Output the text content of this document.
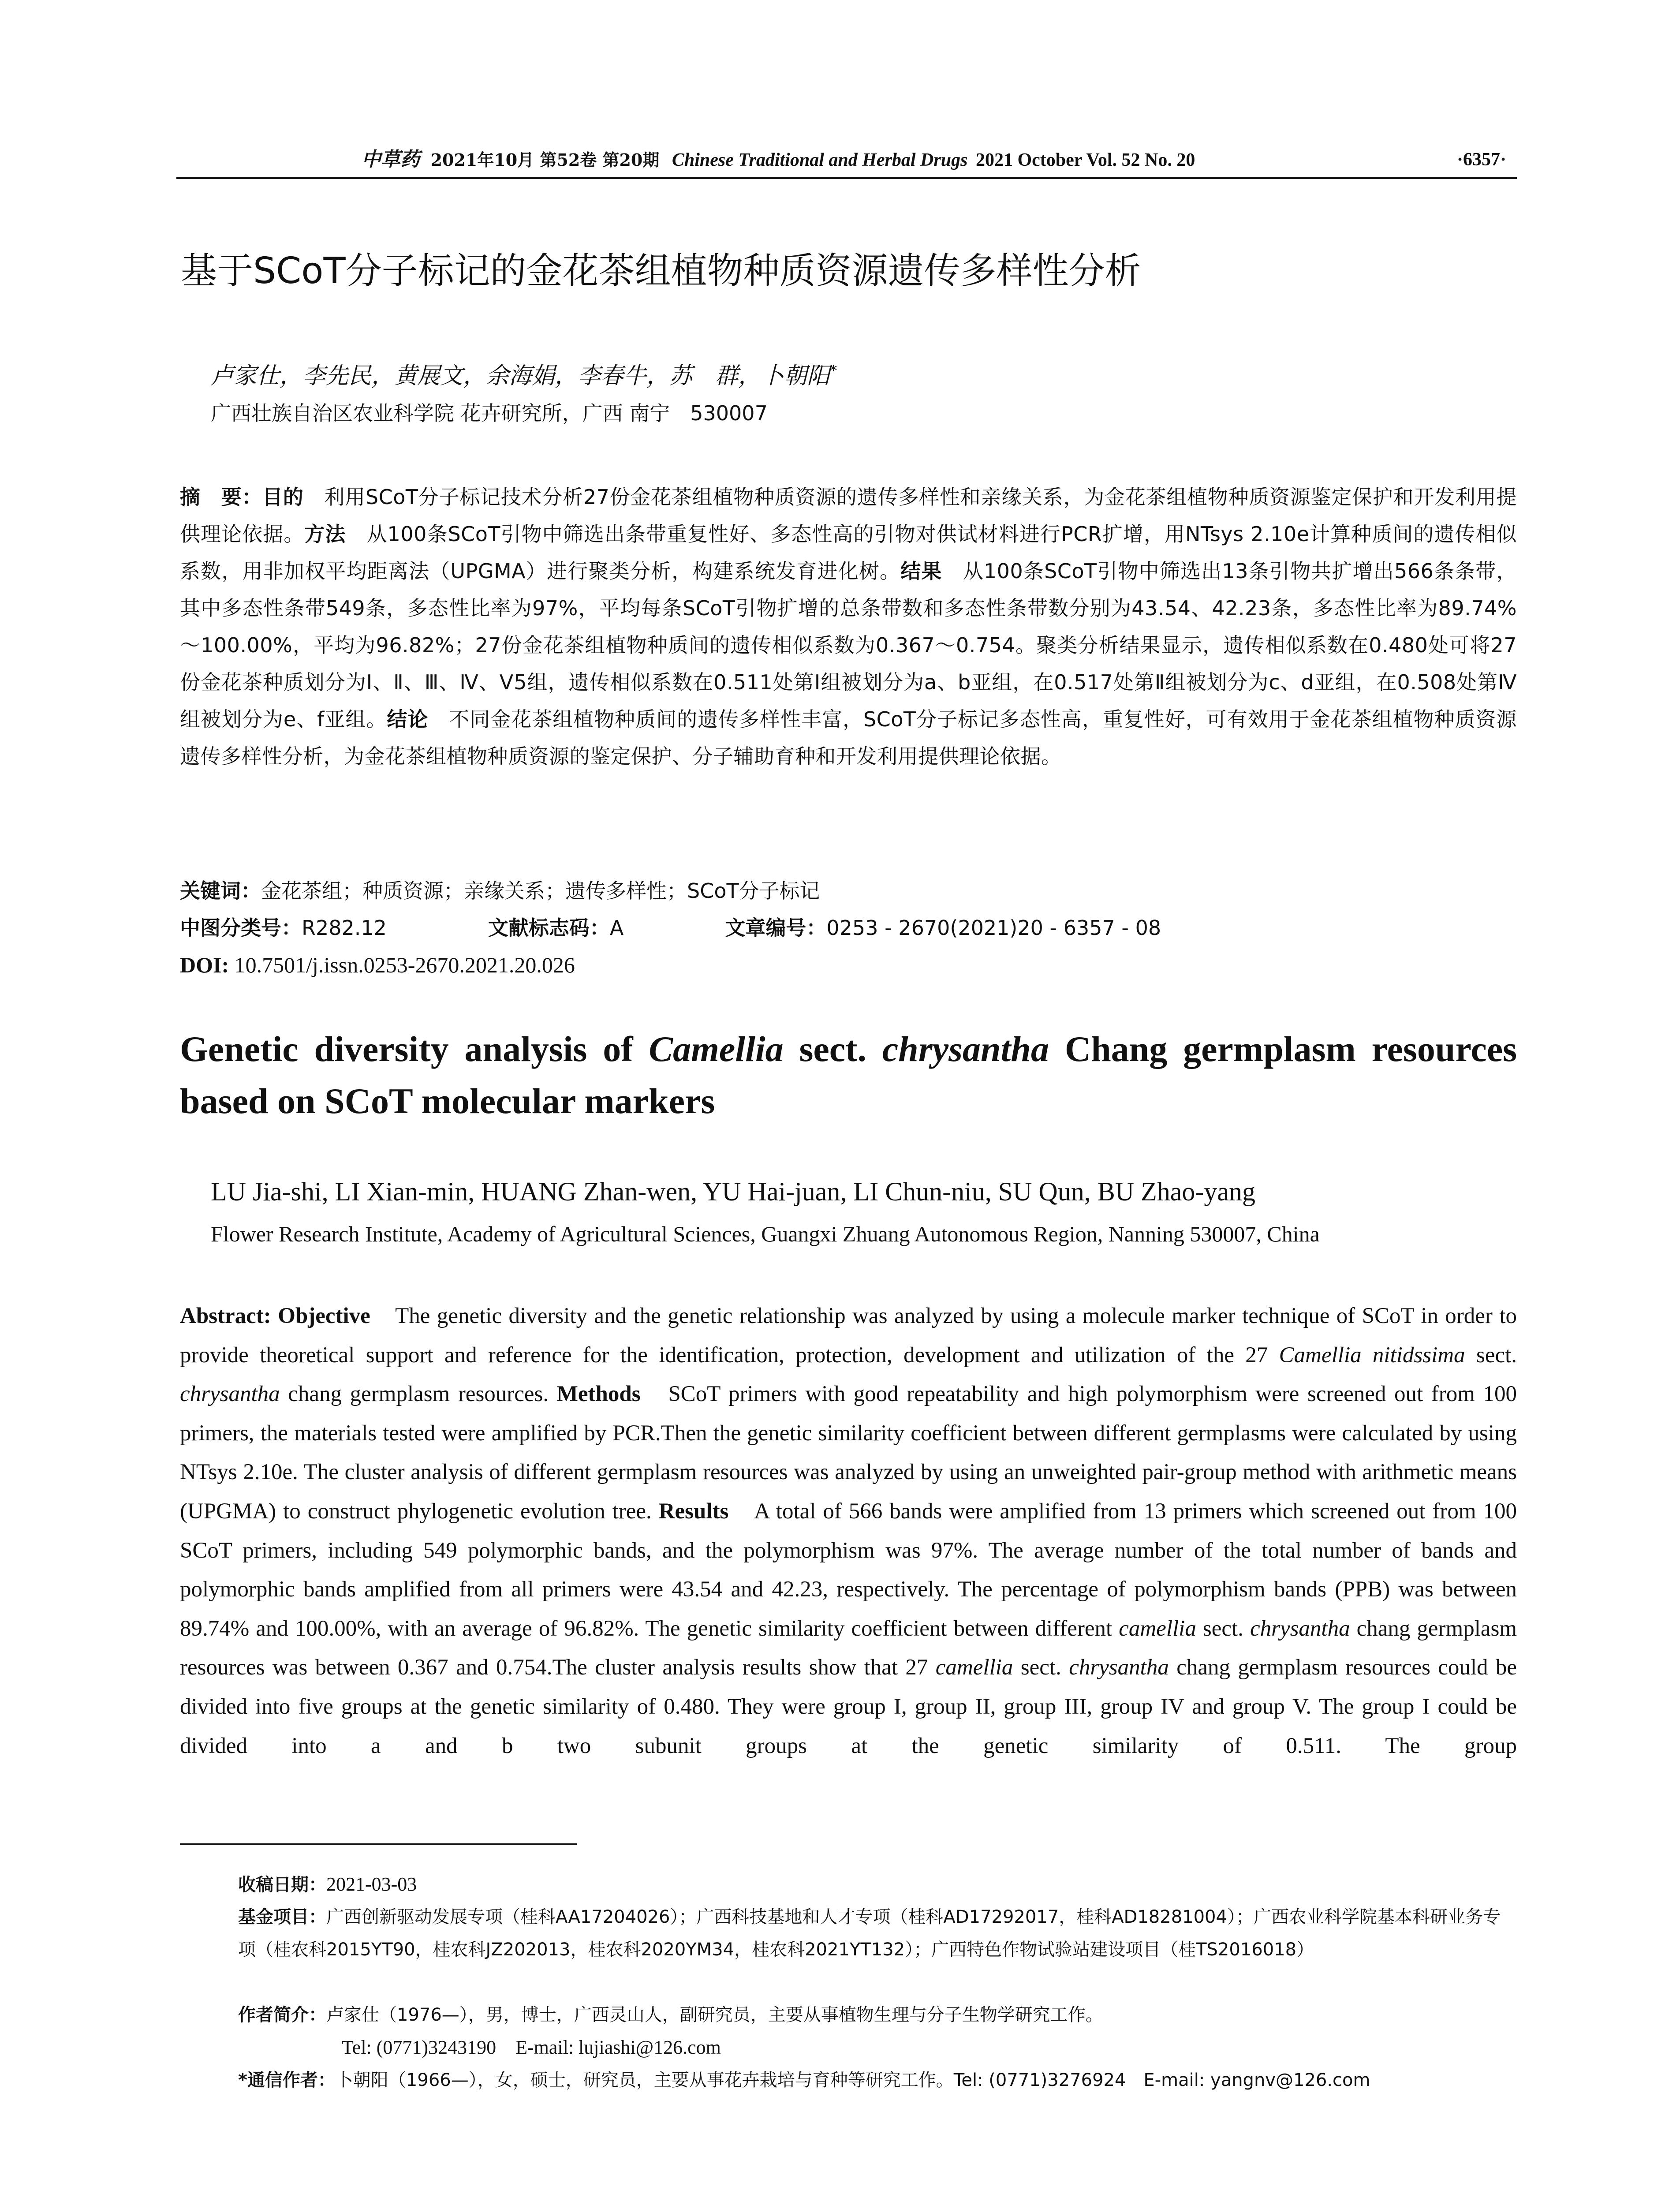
中草药 2021年10月 第52卷 第20期 Chinese Traditional and Herbal Drugs 2021 October Vol. 52 No. 20	·6357·
基于SCoT分子标记的金花茶组植物种质资源遗传多样性分析
卢家仕，李先民，黄展文，余海娟，李春牛，苏　群，卜朝阳*
广西壮族自治区农业科学院 花卉研究所，广西 南宁　530007
摘　要：目的　 利用SCoT分子标记技术分析27份金花茶组植物种质资源的遗传多样性和亲缘关系，为金花茶组植物种质资源鉴定保护和开发利用提供理论依据。方法　 从100条SCoT引物中筛选出条带重复性好、多态性高的引物对供试材料进行PCR扩增，用NTsys 2.10e计算种质间的遗传相似系数，用非加权平均距离法（UPGMA）进行聚类分析，构建系统发育进化树。结果　 从100条SCoT引物中筛选出13条引物共扩增出566条条带，其中多态性条带549条，多态性比率为97%，平均每条SCoT引物扩增的总条带数和多态性条带数分别为43.54、42.23条，多态性比率为89.74%～100.00%，平均为96.82%；27份金花茶组植物种质间的遗传相似系数为0.367～0.754。聚类分析结果显示，遗传相似系数在0.480处可将27份金花茶种质划分为Ⅰ、Ⅱ、Ⅲ、Ⅳ、Ⅴ5组，遗传相似系数在0.511处第Ⅰ组被划分为a、b亚组，在0.517处第Ⅱ组被划分为c、d亚组，在0.508处第Ⅳ组被划分为e、f亚组。结论　 不同金花茶组植物种质间的遗传多样性丰富，SCoT分子标记多态性高，重复性好，可有效用于金花茶组植物种质资源遗传多样性分析，为金花茶组植物种质资源的鉴定保护、分子辅助育种和开发利用提供理论依据。
关键词：金花茶组；种质资源；亲缘关系；遗传多样性；SCoT分子标记
中图分类号：R282.12	文献标志码：A	文章编号：0253 - 2670(2021)20 - 6357 - 08
DOI: 10.7501/j.issn.0253-2670.2021.20.026
Genetic diversity analysis of Camellia sect. chrysantha Chang germplasm resources based on SCoT molecular markers
LU Jia-shi, LI Xian-min, HUANG Zhan-wen, YU Hai-juan, LI Chun-niu, SU Qun, BU Zhao-yang
Flower Research Institute, Academy of Agricultural Sciences, Guangxi Zhuang Autonomous Region, Nanning 530007, China
Abstract: Objective　 The genetic diversity and the genetic relationship was analyzed by using a molecule marker technique of SCoT in order to provide theoretical support and reference for the identification, protection, development and utilization of the 27 Camellia nitidssima sect. chrysantha chang germplasm resources. Methods　 SCoT primers with good repeatability and high polymorphism were screened out from 100 primers, the materials tested were amplified by PCR.Then the genetic similarity coefficient between different germplasms were calculated by using NTsys 2.10e. The cluster analysis of different germplasm resources was analyzed by using an unweighted pair-group method with arithmetic means (UPGMA) to construct phylogenetic evolution tree. Results　 A total of 566 bands were amplified from 13 primers which screened out from 100 SCoT primers, including 549 polymorphic bands, and the polymorphism was 97%. The average number of the total number of bands and polymorphic bands amplified from all primers were 43.54 and 42.23, respectively. The percentage of polymorphism bands (PPB) was between 89.74% and 100.00%, with an average of 96.82%. The genetic similarity coefficient between different camellia sect. chrysantha chang germplasm resources was between 0.367 and 0.754.The cluster analysis results show that 27 camellia sect. chrysantha chang germplasm resources could be divided into five groups at the genetic similarity of 0.480. They were group I, group II, group III, group IV and group V. The group I could be divided into a and b two subunit groups at the genetic similarity of 0.511. The group
收稿日期：2021-03-03
基金项目：广西创新驱动发展专项（桂科AA17204026）；广西科技基地和人才专项（桂科AD17292017，桂科AD18281004）；广西农业科学院基本科研业务专项（桂农科2015YT90，桂农科JZ202013，桂农科2020YM34，桂农科2021YT132）；广西特色作物试验站建设项目（桂TS2016018）
作者简介：卢家仕（1976—），男，博士，广西灵山人，副研究员，主要从事植物生理与分子生物学研究工作。
Tel: (0771)3243190　E-mail: lujiashi@126.com
*通信作者：卜朝阳（1966—），女，硕士，研究员，主要从事花卉栽培与育种等研究工作。Tel: (0771)3276924　E-mail: yangnv@126.com
